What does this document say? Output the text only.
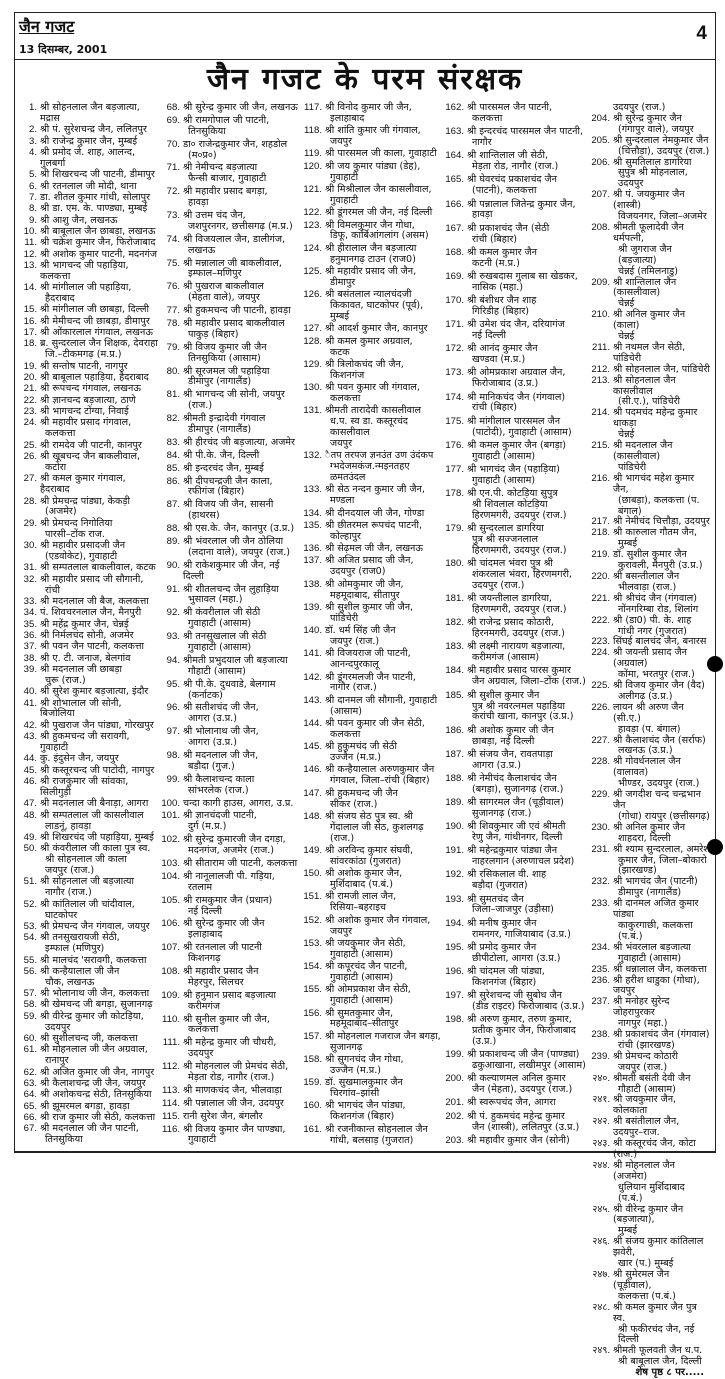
जैन गजट
13 दिसम्बर, 2001
4
जैन गजट के परम संरक्षक
1. श्री सोहनलाल जैन बड़जात्या, मद्रास
2. श्री पं. सुरेशचन्द्र जैन, ललितपुर
3. श्री राजेन्द्र कुमार जैन, मुम्बई
4. श्री प्रमोद जे. शाह, आलन्द, गुलबर्गा
5. श्री शिखरचन्द जी पाटनी, डीमापुर
6. श्री रतनलाल जी मोदी, थाना
7. डा. शीतल कुमार गांधी, सोलापुर
8. श्री डा. एम. के. पाण्ड्या, मुम्बई
9. श्री आशु जैन, लखनऊ
10. श्री बाबूलाल जैन छाबड़ा, लखनऊ
11. श्री चक्रेश कुमार जैन, फिरोजाबाद
12. श्री अशोक कुमार पाटनी, मदनगंज
13. श्री भागचन्द जी पहाड़िया, कलकत्ता
14. श्री मांगीलाल जी पहाड़िया,
हैदराबाद
15. श्री मांगीलाल जी छाबड़ा, दिल्ली
16. श्री मेमीचन्द जी छाबड़ा, डीमापुर
17. श्री ओंकारलाल गंगवाल, लखनऊ
18. ब्र. सुन्दरलाल जैन शिक्षक, देवराहा
जि.–टीकमगढ़ (म.प्र.)
19. श्री सन्तोष पाटनी, नागपुर
20. श्री बाबूलाल पहाड़िया, हैदराबाद
21. श्री रूपचन्द गंगवाल, लखनऊ
22. श्री ज्ञानचन्द बड़जात्या, ठाणे
23. श्री भागचन्द टोंग्या, निवाई
24. श्री महावीर प्रसाद गंगवाल,
कलकत्ता
25. श्री रामदेव जी पाटनी, कानपुर
26. श्री खूबचन्द जैन बाकलीवाल,
कटोरा
27. श्री कमल कुमार गंगवाल, हैदराबाद
28. श्री प्रेमचन्द्र पांड्या, केकड़ी
(अजमेर)
29. श्री प्रेमचन्द निगोतिया
पारसी–टोंक राज.
30. श्री महावीर प्रसादजी जैन
(एडवोकेट), गुवाहाटी
31. श्री सम्पतलाल बाकलीवाल, कटक
32. श्री महावीर प्रसाद जी सौगानी,
रांची
33. श्री मदनलाल जी बैज, कलकत्ता
34. पं. शिवचरनलाल जैन, मैनपुरी
35. श्री महेंद्र कुमार जैन, चेन्नई
36. श्री निर्मलचंद सोनी, अजमेर
37. श्री पवन जैन पाटनी, कलकत्ता
38. श्री ए. टी. जनाज, बेलगांव
39. श्री मदनलाल जी छाबड़ा
चुरू (राज.)
40. श्री सुरेश कुमार बड़जात्या, इंदौर
41. श्री शोभालाल जी सोनी, बिजोलिया
42. श्री पुखराज जैन पांड्या, गोरखपुर
43. श्री हुकमचन्द जी सरावगी, गुवाहाटी
44. कु. इंदुसेन जैन, जयपुर
45. श्री कस्तूरचन्द जी पाटोदी, नागपुर
46. श्री राजकुमार जी सांवका, सिलीगुड़ी
47. श्री मदनलाल जी बैनाड़ा, आगरा
48. श्री सम्पतलाल जी कासलीवाल
लाडनूं, हावड़ा
49. श्री शिखरचंद जी पहाड़िया, मुम्बई
50. श्री कंवरीलाल जी काला पुत्र स्व.
श्री सोहनलाल जी काला
जयपुर (राज.)
51. श्री सोहनलाल जी बड़जात्या
नागौर (राज.)
52. श्री कांतिलाल जी चांदीवाल,
घाटकोपर
53. श्री प्रेमचन्द जैन गंगवाल, जयपुर
54. श्री तनसुखरायजी सेठी,
इम्फाल (मणिपुर)
55. श्री मालचंद 'सरावगी, कलकत्ता
56. श्री कन्हैयालाल जी जैन
चौक, लखनऊ
57. श्री भोलानाथ जी जैन, कलकत्ता
58. श्री खेमचन्द जी बगड़ा, सुजानगढ़
59. श्री वीरेन्द्र कुमार जी कोटड़िया,
उदयपुर
60. श्री सुशीलचन्द जी, कलकत्ता
61. श्री मोहनलाल जी जैन अग्रवाल,
रानापुर
62. श्री अजित कुमार जी जैन, नागपुर
63. श्री कैलाशचन्द्र जी जैन, जयपुर
64. श्री अशोकचन्द्र सेठी, तिनसुकिया
65. श्री झूमरमल बगड़ा, हावड़ा
66. श्री राज कुमार जी सेठी, कलकत्ता
67. श्री मदनलाल जी जैन पाटनी,
तिनसुकिया
68. श्री सुरेन्द्र कुमार जी जैन, लखनऊ
69. श्री रामगोपाल जी पाटनी,
तिनसुकिया
70. डा० राजेन्द्रकुमार जैन, शहडोल
(म०प्र०)
71. श्री नेमीचन्द बड़जात्या
फैन्सी बाजार, गुवाहाटी
72. श्री महावीर प्रसाद बगड़ा,
हावड़ा
73. श्री उत्तम चंद जैन,
जशपुरनगर, छत्तीसगढ़ (म.प्र.)
74. श्री विजयलाल जैन, डालीगंज,
लखनऊ
75. श्री मन्नालाल जी बाकलीवाल,
इम्फाल–मणिपुर
76. श्री पुखराज बाकलीवाल
(मेहता वाले), जयपुर
77. श्री हुकमचन्द जी पाटनी, हावड़ा
78. श्री महावीर प्रसाद बाकलीवाल
पाकुड़ (बिहार)
79. श्री विजय कुमार जी जैन
तिनसुकिया (आसाम)
80. श्री सूरजमल जी पहाड़िया
डीमापुर (नागालैंड)
81. श्री भागचन्द जी सोनी, जयपुर
(राज.)
82. श्रीमती इन्द्रादेवी गंगवाल
डीमापुर (नागालैंड)
83. श्री हीरचंद जी बड़जात्या, अजमेर
84. श्री पी.के. जैन, दिल्ली
85. श्री इन्दरचंद जैन, मुम्बई
86. श्री दीपचन्द्रजी जैन काला,
रफीगंज (बिहार)
87. श्री विजय जी जैन, सासनी
(हाथरस)
88. श्री एस.के. जैन, कानपुर (उ.प्र.)
89. श्री भंवरलाल जी जैन ठोलिया
(लदाना वाले), जयपुर (राज.)
90. श्री राकेशकुमार जी जैन, नई दिल्ली
91. श्री शीतलचन्द जैन लुहाड़िया
भुसावल (महा.)
92. श्री कंवरीलाल जी सेठी
गुवाहाटी (आसाम)
93. श्री तनसुखलाल जी सेठी
गुवाहाटी (आसाम)
94. श्रीमती प्रभुदयाल जी बड़जात्या
गौहाटी (आसाम)
95. श्री पी.के. दुधवाडे, बेलगाम
(कर्नाटक)
96. श्री सतीशचंद जी जैन,
आगरा (उ.प्र.)
97. श्री भोलानाथ जी जैन,
आगरा (उ.प्र.)
98. श्री मदनलाल जी जैन,
बड़ौदा (गुज.)
99. श्री कैलाशचन्द काला
सांभरलेक (राज.)
100. चन्दा कागी हाउस, आगरा, उ.प्र.
101. श्री ज्ञानचंदजी पाटनी,
दुर्ग (म.प्र.)
102. श्री सुरेन्द्र कुमारजी जैन दगड़ा,
मदनगंज, अजमेर (राज.)
103. श्री सीताराम जी पाटनी, कलकत्ता
104. श्री नानूलालजी पी. गड़िया,
रतलाम
105. श्री रामकुमार जैन (प्रधान)
नई दिल्ली
106. श्री सुरेन्द्र कुमार जी जैन
इलाहाबाद
107. श्री रतनलाल जी पाटनी
किशनगढ़
108. श्री महावीर प्रसाद जैन
मेहरपुर, सिलचर
109. श्री हनुमान प्रसाद बड़जात्या
करीमगंज
110. श्री सुनील कुमार जी जैन,
कलकत्ता
111. श्री महेन्द्र कुमार जी चौधरी,
उदयपुर
112. श्री मोहनलाल जी प्रेमचंद सेठी,
मेड़ता रोड, नागौर (राज.)
113. श्री माणकचंद जैन, भीलवाड़ा
114. श्री पन्नालाल जी जैन, उदयपुर
115. रानी सुरेश जैन, बंगलौर
116. श्री विजय कुमार जैन पाण्ड्या,
गुवाहाटी
117. श्री विनोद कुमार जी जैन,
इलाहाबाद
118. श्री शांति कुमार जी गंगवाल,
जयपुर
119. श्री पारसमल जी काला, गुवाहाटी
120. श्री जय कुमार पांड्या (डेह),
गुवाहाटी
121. श्री मिश्रीलाल जैन कासलीवाल,
गुवाहाटी
122. श्री डूंगरमल जी जैन, नई दिल्ली
123. श्री विमलकुमार जैन गोधा,
डिफू, कार्बिआंगलांग (असम)
124. श्री हीरालाल जैन बड़जात्या
हनुमानगढ़ टाउन (राज0)
125. श्री महावीर प्रसाद जी जैन,
डीमापुर
126. श्री बसंतलाल न्यालचंदजी
किकावत, घाटकोपर (पूर्व), मुम्बई
127. श्री आदर्श कुमार जैन, कानपुर
128. श्री कमल कुमार अग्रवाल,
कटक
129. श्री त्रिलोकचंद जी जैन,
किशनगंज
130. श्री पवन कुमार जी गंगवाल,
कलकत्ता
131. श्रीमती तारादेवी कासलीवाल
ध.प. स्व डा. कस्तूरचंद कासलीवाल
जयपुर
132. ैतप तरपज ज्ञनउंत उण उंदंकप
ग्भदेजमकंज.न्मइनतहए ळमतउंदल
133. श्री सेठ नन्दन कुमार जी जैन,
मण्डला
134. श्री दीनदयाल जी जैन, गोण्डा
135. श्री छीतरमल रूपचंद पाटनी,
कोल्हापुर
136. श्री सेढ़मल जी जैन, लखनऊ
137. श्री अजित प्रसाद जी जैन,
उदयपुर (राज0)
138. श्री ओमकुमार जी जैन,
महमूदाबाद, सीतापुर
139. श्री सुशील कुमार जी जैन,
पांडिचेरी
140. डॉ. धर्म सिंह जी जैन
जयपुर (राज.)
141. श्री विजयराज जी पाटनी,
आनन्दपुरकालू
142. श्री डूंगरमलजी जैन पाटनी,
नागौर (राज.)
143. श्री दानमल जी सौगानी, गुवाहाटी
(आसाम)
144. श्री पवन कुमार जी जैन सेठी,
कलकत्ता
145. श्री हुकुमचंद जी सेठी
उज्जैन (म.प्र.)
146. श्री कन्हैयालाल अरुणकुमार जैन
गंगवाल, जिला–रांची (बिहार)
147. श्री हुकमचन्द जी जैन
सीकर (राज.)
148. श्री संजय सेठ पुत्र स्व. श्री
गेंदालाल जी सेठ, कुशलगढ़ (राज.)
149. श्री अरविन्द कुमार संघवी,
सांवरकांठा (गुजरात)
150. श्री अशोक कुमार जैन,
मुर्शिदाबाद (प.बं.)
151. श्री रामजी लाल जैन,
रिसिया–बहराइच
152. श्री अशोक कुमार जैन गंगवाल,
जयपुर
153. श्री जयकुमार जैन सेठी,
गुवाहाटी (आसाम)
154. श्री कपूरचंद जैन पाटनी,
गुवाहाटी (आसाम)
155. श्री ओमप्रकाश जैन सेठी,
गुवाहाटी (आसाम)
156. श्री सुमतकुमार जैन,
महमूदाबाद–सीतापुर
157. श्री मोहनलाल गजराज जैन बगड़ा,
सुजानगढ़
158. श्री सुगनचंद जैन गोधा,
उज्जैन (म.प्र.)
159. डॉ. सुखमालकुमार जैन
चिरगांव–झांसी
160. श्री भागचंद जैन पांड्या,
किशनगंज (बिहार)
161. श्री रजनीकान्त सोहनलाल जैन
गांधी, बलसाड़ (गुजरात)
162. श्री पारसमल जैन पाटनी,
कलकत्ता
163. श्री इन्दरचंद पारसमल जैन पाटनी,
नागौर
164. श्री शान्तिलाल जी सेठी,
मेड़ता रोड, नागौर (राज.)
165. श्री घेवरचंद प्रकाशचंद जैन
(पाटनी), कलकत्ता
166. श्री पन्नालाल जितेन्द्र कुमार जैन,
हावड़ा
167. श्री प्रकाशचंद जैन (सेठी
रांची (बिहार)
168. श्री कमल कुमार जैन
कटनी (म.प्र.)
169. श्री रुखबदास गुलाब सा खेडकर,
नासिक (महा.)
170. श्री बंशीधर जैन शाह
गिरिडीह (बिहार)
171. श्री उमेश चंद जैन, दरियागंज
नई दिल्ली
172. श्री आनंद कुमार जैन
खण्डवा (म.प्र.)
173. श्री ओमप्रकाश अग्रवाल जैन,
फिरोजाबाद (उ.प्र.)
174. श्री मानिकचंद जैन (गंगवाल)
रांची (बिहार)
175. श्री मांगीलाल पारसमल जैन
(पाटोदी), गुवाहाटी (आसाम)
176. श्री कमल कुमार जैन (बगड़ा)
गुवाहाटी (आसाम)
177. श्री भागचंद जैन (पहाड़िया)
गुवाहाटी (आसाम)
178. श्री एन.पी. कोटड़िया सुपुत्र
श्री शिवलाल कोटड़िया
हिरणमगरी, उदयपुर (राज.)
179. श्री सुन्दरलाल डागरिया
पुत्र श्री सज्जनलाल
हिरणमगरी, उदयपुर (राज.)
180. श्री चांदमल भंवरा पुत्र श्री
शंकरलाल भंवरा, हिरणमगरी,
उदयपुर (राज.)
181. श्री जयन्तीलाल डागरिया,
हिरणमगरी, उदयपुर (राज.)
182. श्री राजेन्द्र प्रसाद कोठारी,
हिरनमगरी, उदयपुर (राज.)
183. श्री लक्ष्मी नारायण बड़जात्या,
करीमगंज (आसाम)
184. श्री महावीर प्रसाद पारस कुमार
जैन अग्रवाल, जिला–टोंक (राज.)
185. श्री सुशील कुमार जैन
पुत्र श्री नवरत्नमल पहाड़िया
करांची खाना, कानपुर (उ.प्र.)
186. श्री अशोक कुमार जी जैन
छाबड़ा, नई दिल्ली
187. श्री संजय जैन, रावतपाड़ा
आगरा (उ.प्र.)
188. श्री नेमीचंद कैलाशचंद जैन
(बगड़ा), सुजानगढ़ (राज.)
189. श्री सागरमल जैन (चूड़ीवाल)
सुजानगढ़ (राज.)
190. श्री शिवकुमार जी एवं श्रीमती
रेणु जैन, गांधीनगर, दिल्ली
191. श्री महेन्द्रकुमार पांड्या जैन
नाहरलगान (अरुणाचल प्रदेश)
192. श्री रसिकलाल वी. शाह
बड़ौदा (गुजरात)
193. श्री सुमतचंद जैन
जिला–जाजपुर (उड़ीसा)
194. श्री मनीष कुमार जैन
रामनगर, गाजियाबाद (उ.प्र.)
195. श्री प्रमोद कुमार जैन
छीपीटोला, आगरा (उ.प्र.)
196. श्री चांदमल जी पांड्या,
किशनगंज (बिहार)
197. श्री सुरेशचन्द जी सुबोध जैन
(डीड राइटर) फिरोजाबाद (उ.प्र.)
198. श्री अरुण कुमार, तरुण कुमार,
प्रतीक कुमार जैन, फिरोजाबाद (उ.प्र.)
199. श्री प्रकाशचन्द जी जैन (पाण्ड्या)
ढकुआखाना, लखीमपुर (आसाम)
200. श्री कल्याणमल अनिल कुमार
जैन (मेहता), उदयपुर (राज.)
201. श्री स्वरूपचंद जैन, आगरा
202. श्री पं. हुकमचंद महेन्द्र कुमार
जैन (शास्त्री), ललितपुर (उ.प्र.)
203. श्री महावीर कुमार जैन (सोनी)
उदयपुर (राज.)
204. श्री सुरेन्द्र कुमार जैन
(गंगापुर वाले), जयपुर
205. श्री सुन्दरलाल नेमकुमार जैन
(चित्तौड़ा), उदयपुर (राज.)
206. श्री सुमतिलाल डागरिया
सुपुत्र श्री मोहनलाल, उदयपुर
207. श्री पं. जयकुमार जैन (शास्त्री)
विजयनगर, जिला–अजमेर
208. श्रीमती फूलादेवी जैन धर्मपत्नी,
श्री जुगराज जैन (बड़जात्या)
चेन्नई (तमिलनाडु)
209. श्री शान्तिलाल जैन (कासलीवाल)
चेन्नई
210. श्री अनिल कुमार जैन (काला)
चेन्नई
211. श्री नथमल जैन सेठी, पांडिचेरी
212. श्री सोहनलाल जैन, पांडिचेरी
213. श्री सोहनलाल जैन कासलीवाल
(सी.ए.), पांडिचेरी
214. श्री पदमचंद महेन्द्र कुमार धाकड़ा
चेन्नई
215. श्री मदनलाल जैन (कासलीवाल)
पांडिचेरी
216. श्री भागचंद महेश कुमार जैन,
(छाबड़ा), कलकत्ता (प. बंगाल)
217. श्री नेमीचंद चित्तौड़ा, उदयपुर
218. श्री कारुलाल गौतम जैन,
मुम्बई
219. डॉ. सुशील कुमार जैन
कुरावली, मैनपुरी (उ.प्र.)
220. श्री बसन्तीलाल जैन
भीलवाड़ा (राज.)
221. श्री श्रीचंद जैन (गंगवाल)
नोंनगरिम्बा रोड, शिलांग
222. श्री (डा0) पी. के. शाह
गांधी नगर (गुजरात)
223. सिंघई बालचंद जैन, बनारस
224. श्री जयन्ती प्रसाद जैन (अग्रवाल)
कोंमा, भरतपुर (राज.)
225. श्री विजय कुमार जैन (वैद)
अलीगढ़ (उ.प्र.)
226. लायन श्री अरुण जैन (सी.ए.)
हावड़ा (प. बंगाल)
227. श्री कैलाशचंद जैन (सर्राफ)
लखनऊ (उ.प्र.)
228. श्री गोवर्धनलाल जैन (वालावत)
भीण्डर, उदयपुर (राज.)
229. श्री जगदीश चन्द चन्द्रभान जैन
(गोधा) रायपुर (छत्तीसगढ़)
230. श्री अनिल कुमार जैन
शाहदरा, दिल्ली
231. श्री श्याम सुन्दरलाल, अमरेश
कुमार जैन, जिला–बोकारो (झारखण्ड)
232. श्री भागचंद जैन (पाटनी)
डीमापुर (नागालैंड)
233. श्री दानमल अजित कुमार पांड्या
काकुरगाछी, कलकत्ता (प.बं.)
234. श्री भंवरलाल बड़जात्या
गुवाहाटी (आसाम)
235. श्री धन्नालाल जैन, कलकत्ता
236. श्री हरीश धाडुका (गोधा), जयपुर
237. श्री मनोहर सुरेन्द जोहरापुरकर
नागपुर (महा.)
238. श्री प्रकाशचंद जैन (गंगवाल)
रांची (झारखण्ड)
239. श्री प्रेमचन्द कोठारी
जयपुर (राज.)
२४०. श्रीमती बसंती देवी जैन
गौहाटी (आसाम)
२४१. श्री जयकुमार जैन, कोलकाता
२४२. श्री बसंतीलाल जैन, उदयपुर–राज.
२४३. श्री कस्तूरचंद जैन, कोटा (राज.)
२४४. श्री मोहनलाल जैन (अजमेरा)
धुलियान मुर्शिदाबाद (प.बं.)
२४५. श्री वीरेन्द्र कुमार जैन (बड़जात्या),
मुम्बई
२४६. श्री संजय कुमार कांतिलाल झवेरी,
खार (प.) मुम्बई
२४७. श्री सुमेरमल जैन (चूड़ीवाल),
कलकत्ता (प.बं.)
२४८. श्री कमल कुमार जैन पुत्र स्व.
श्री फकीरचंद जैन, नई दिल्ली
२४९. श्रीमती फूलवती जैन ध.प.
श्री बाबूलाल जैन, दिल्ली
शेष पृष्ठ ८ पर.....
